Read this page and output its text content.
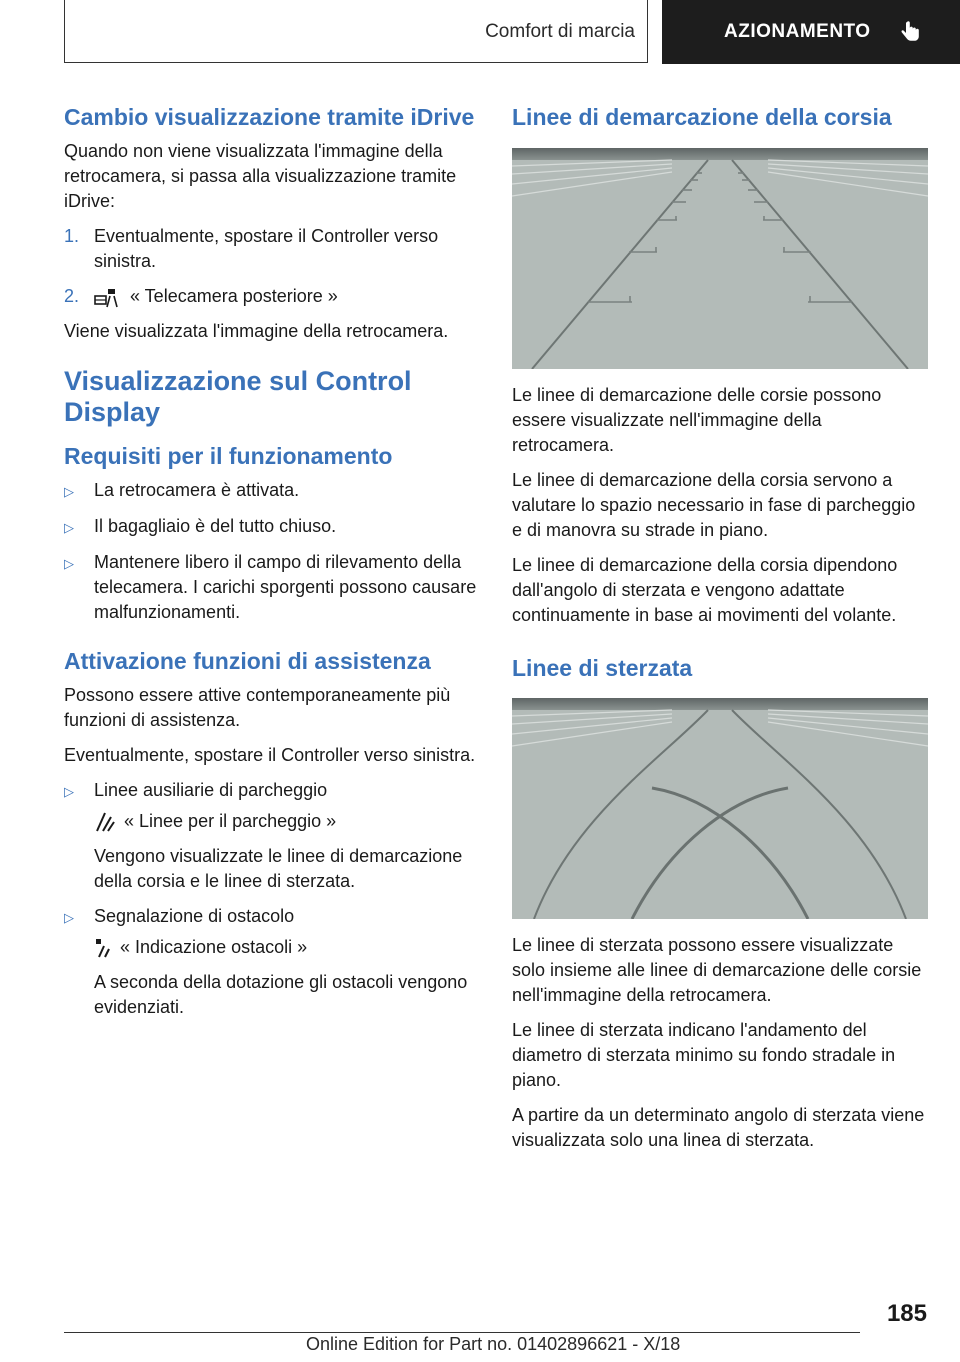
Comfort di marcia	AZIONAMENTO
Cambio visualizzazione tramite iDrive
Quando non viene visualizzata l'immagine della retrocamera, si passa alla visualizzazione tramite iDrive:
1. Eventualmente, spostare il Controller verso sinistra.
2.	« Telecamera posteriore »
Viene visualizzata l'immagine della retrocamera.
Visualizzazione sul Control Display
Requisiti per il funzionamento
▷	La retrocamera è attivata.
▷	Il bagagliaio è del tutto chiuso.
▷	Mantenere libero il campo di rilevamento della telecamera. I carichi sporgenti possono causare malfunzionamenti.
Attivazione funzioni di assistenza
Possono essere attive contemporaneamente più funzioni di assistenza.
Eventualmente, spostare il Controller verso sinistra.
▷	Linee ausiliarie di parcheggio
« Linee per il parcheggio »
Vengono visualizzate le linee di demarcazione della corsia e le linee di sterzata.
▷	Segnalazione di ostacolo
« Indicazione ostacoli »
A seconda della dotazione gli ostacoli vengono evidenziati.
Linee di demarcazione della corsia
Le linee di demarcazione delle corsie possono essere visualizzate nell'immagine della retrocamera.
Le linee di demarcazione della corsia servono a valutare lo spazio necessario in fase di parcheggio e di manovra su strade in piano.
Le linee di demarcazione della corsia dipendono dall'angolo di sterzata e vengono adattate continuamente in base ai movimenti del volante.
Linee di sterzata
Le linee di sterzata possono essere visualizzate solo insieme alle linee di demarcazione delle corsie nell'immagine della retrocamera.
Le linee di sterzata indicano l'andamento del diametro di sterzata minimo su fondo stradale in piano.
A partire da un determinato angolo di sterzata viene visualizzata solo una linea di sterzata.
185
Online Edition for Part no. 01402896621 - X/18
